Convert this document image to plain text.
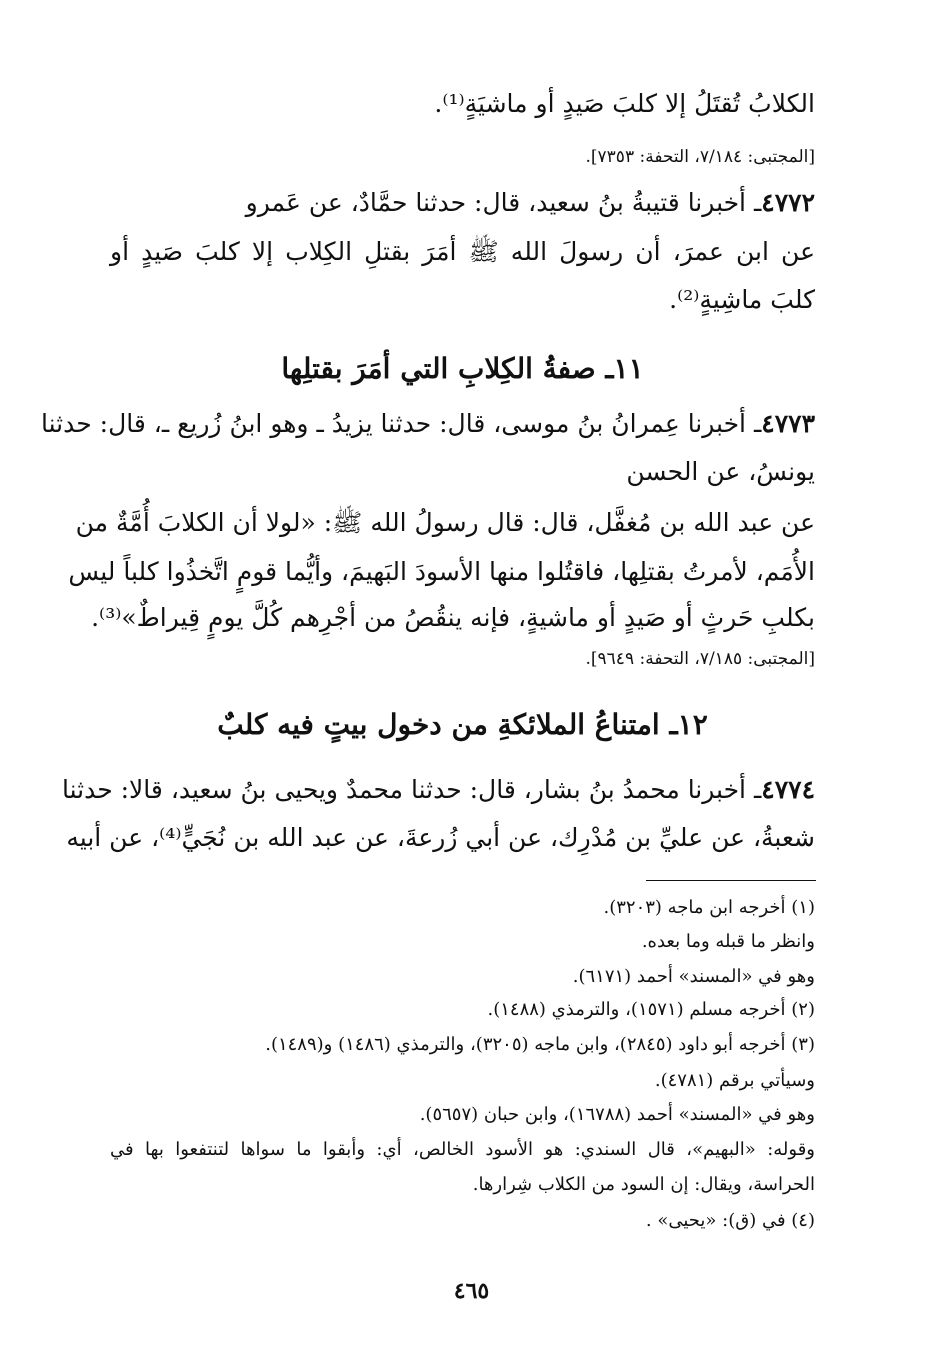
الكلابُ تُقتَلُ إلا كلبَ صَيدٍ أو ماشيَةٍ⁽¹⁾.
[المجتبى: ٧/١٨٤، التحفة: ٧٣٥٣].
٤٧٧٢ـ أخبرنا قتيبةُ بنُ سعيد، قال: حدثنا حمَّادٌ، عن عَمرو
عن ابن عمرَ، أن رسولَ الله ﷺ أمَرَ بقتلِ الكِلاب إلا كلبَ صَيدٍ أو
كلبَ ماشِيةٍ⁽²⁾.
١١ـ صفةُ الكِلابِ التي أمَرَ بقتلِها
٤٧٧٣ـ أخبرنا عِمرانُ بنُ موسى، قال: حدثنا يزيدُ ـ وهو ابنُ زُريع ـ، قال: حدثنا
يونسُ، عن الحسن
عن عبد الله بن مُغفَّل، قال: قال رسولُ الله ﷺ: «لولا أن الكلابَ أُمَّةٌ من
الأُمَم، لأمرتُ بقتلِها، فاقتُلوا منها الأسودَ البَهيمَ، وأيُّما قومٍ اتَّخذُوا كلباً ليس
بكلبِ حَرثٍ أو صَيدٍ أو ماشيةٍ، فإنه ينقُصُ من أجْرِهم كُلَّ يومٍ قِيراطٌ»⁽³⁾.
[المجتبى: ٧/١٨٥، التحفة: ٩٦٤٩].
١٢ـ امتناعُ الملائكةِ من دخول بيتٍ فيه كلبٌ
٤٧٧٤ـ أخبرنا محمدُ بنُ بشار، قال: حدثنا محمدٌ ويحيى بنُ سعيد، قالا: حدثنا
شعبةُ، عن عليِّ بن مُدْرِك، عن أبي زُرعةَ، عن عبد الله بن نُجَيٍّ⁽⁴⁾، عن أبيه
(١) أخرجه ابن ماجه (٣٢٠٣).
وانظر ما قبله وما بعده.
وهو في «المسند» أحمد (٦١٧١).
(٢) أخرجه مسلم (١٥٧١)، والترمذي (١٤٨٨).
(٣) أخرجه أبو داود (٢٨٤٥)، وابن ماجه (٣٢٠٥)، والترمذي (١٤٨٦) و(١٤٨٩).
وسيأتي برقم (٤٧٨١).
وهو في «المسند» أحمد (١٦٧٨٨)، وابن حبان (٥٦٥٧).
وقوله: «البهيم»، قال السندي: هو الأسود الخالص، أي: وأبقوا ما سواها لتنتفعوا بها في
الحراسة، ويقال: إن السود من الكلاب شِرارها.
(٤) في (ق): «يحيى» .
٤٦٥
